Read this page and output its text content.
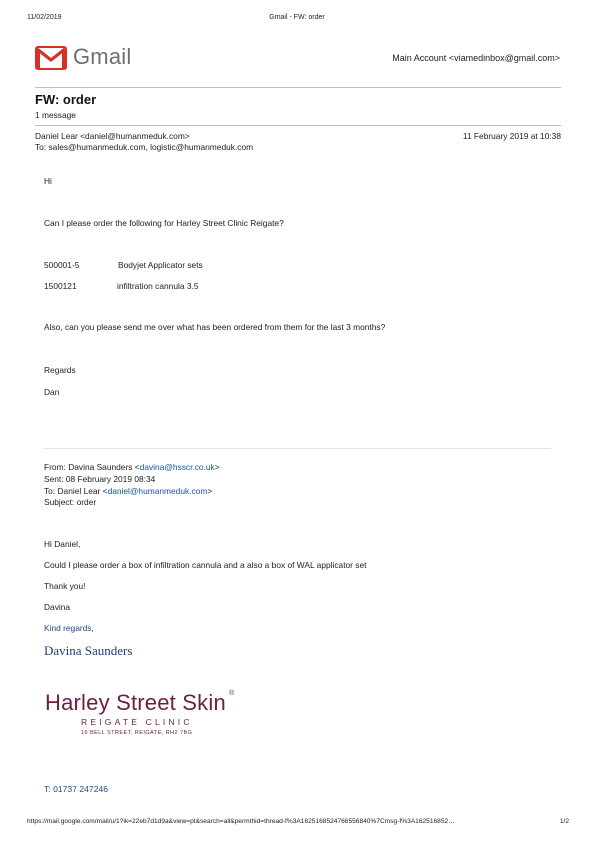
11/02/2019	Gmail - FW: order
Gmail	Main Account <viamedinbox@gmail.com>
FW: order
1 message
Daniel Lear <daniel@humanmeduk.com>	11 February 2019 at 10:38
To: sales@humanmeduk.com, logistic@humanmeduk.com
Hi
Can I please order the following for Harley Street Clinic Reigate?
500001-5	Bodyjet Applicator sets
1500121	infiltration cannula 3.5
Also, can you please send me over what has been ordered from them for the last 3 months?
Regards
Dan
From: Davina Saunders <davina@hsscr.co.uk>
Sent: 08 February 2019 08:34
To: Daniel Lear <daniel@humanmeduk.com>
Subject: order
Hi Daniel,
Could I please order a box of infiltration cannula and a also a box of WAL applicator set
Thank you!
Davina
Kind regards,
Davina Saunders
Harley Street Skin ®
REIGATE CLINIC
16 BELL STREET, REIGATE, RH2 7BG
T: 01737 247246
https://mail.google.com/mail/u/1?ik=22eb7d1d9a&view=pt&search=all&permthid=thread-f%3A1625168524766556840%7Cmsg-f%3A162516852…	1/2
